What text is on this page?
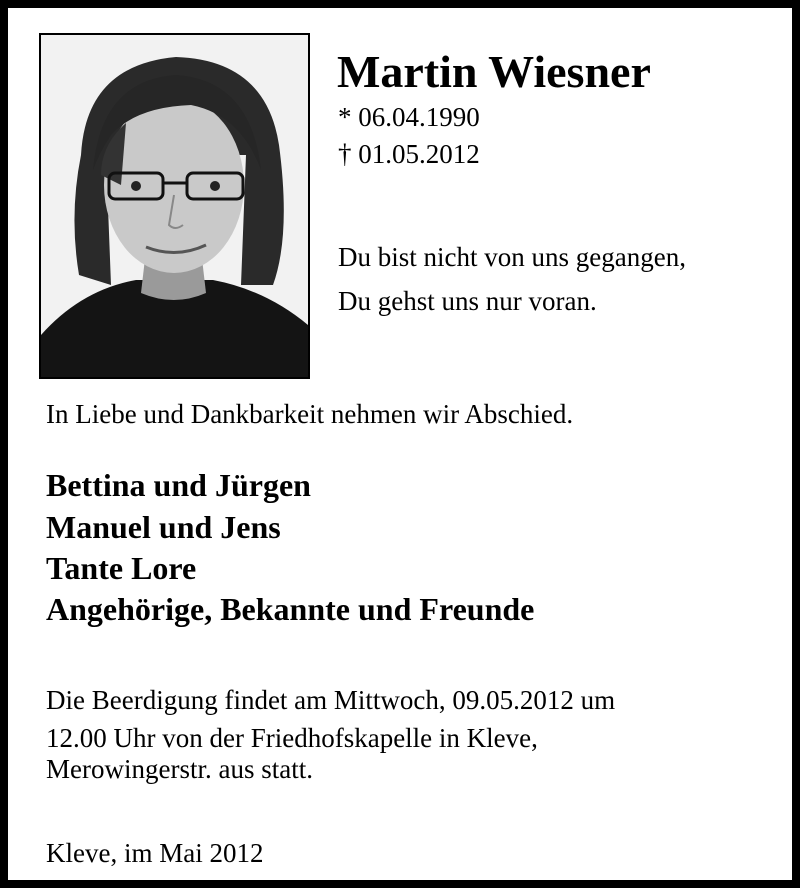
Martin Wiesner
* 06.04.1990
† 01.05.2012
Du bist nicht von uns gegangen,
Du gehst uns nur voran.
In Liebe und Dankbarkeit nehmen wir Abschied.
Bettina und Jürgen
Manuel und Jens
Tante Lore
Angehörige, Bekannte und Freunde
Die Beerdigung findet am Mittwoch, 09.05.2012 um
12.00 Uhr von der Friedhofskapelle in Kleve,
Merowingerstr. aus statt.
Kleve, im Mai 2012
